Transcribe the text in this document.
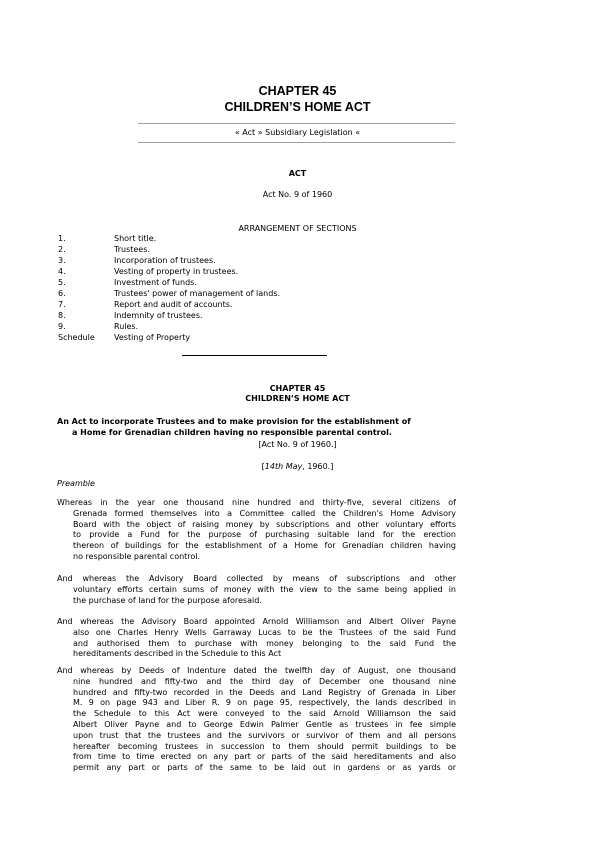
CHAPTER 45
CHILDREN’S HOME ACT
« Act » Subsidiary Legislation «
ACT
Act No. 9 of 1960
ARRANGEMENT OF SECTIONS
1.	Short title.
2.	Trustees.
3.	Incorporation of trustees.
4.	Vesting of property in trustees.
5.	Investment of funds.
6.	Trustees' power of management of lands.
7.	Report and audit of accounts.
8.	Indemnity of trustees.
9.	Rules.
Schedule	Vesting of Property
CHAPTER 45
CHILDREN’S HOME ACT
An Act to incorporate Trustees and to make provision for the establishment of
a Home for Grenadian children having no responsible parental control.
[Act No. 9 of 1960.]
[14th May, 1960.]
Preamble
Whereas in the year one thousand nine hundred and thirty-five, several citizens of
Grenada formed themselves into a Committee called the Children's Home Advisory
Board with the object of raising money by subscriptions and other voluntary efforts
to provide a Fund for the purpose of purchasing suitable land for the erection
thereon of buildings for the establishment of a Home for Grenadian children having
no responsible parental control.
And whereas the Advisory Board collected by means of subscriptions and other
voluntary efforts certain sums of money with the view to the same being applied in
the purchase of land for the purpose aforesaid.
And whereas the Advisory Board appointed Arnold Williamson and Albert Oliver Payne
also one Charles Henry Wells Garraway Lucas to be the Trustees of the said Fund
and authorised them to purchase with money belonging to the said Fund the
hereditaments described in the Schedule to this Act
And whereas by Deeds of Indenture dated the twelfth day of August, one thousand
nine hundred and fifty-two and the third day of December one thousand nine
hundred and fifty-two recorded in the Deeds and Land Registry of Grenada in Liber
M. 9 on page 943 and Liber R. 9 on page 95, respectively, the lands described in
the Schedule to this Act were conveyed to the said Arnold Williamson the said
Albert Oliver Payne and to George Edwin Palmer Gentle as trustees in fee simple
upon trust that the trustees and the survivors or survivor of them and all persons
hereafter becoming trustees in succession to them should permit buildings to be
from time to time erected on any part or parts of the said hereditaments and also
permit any part or parts of the same to be laid out in gardens or as yards or
